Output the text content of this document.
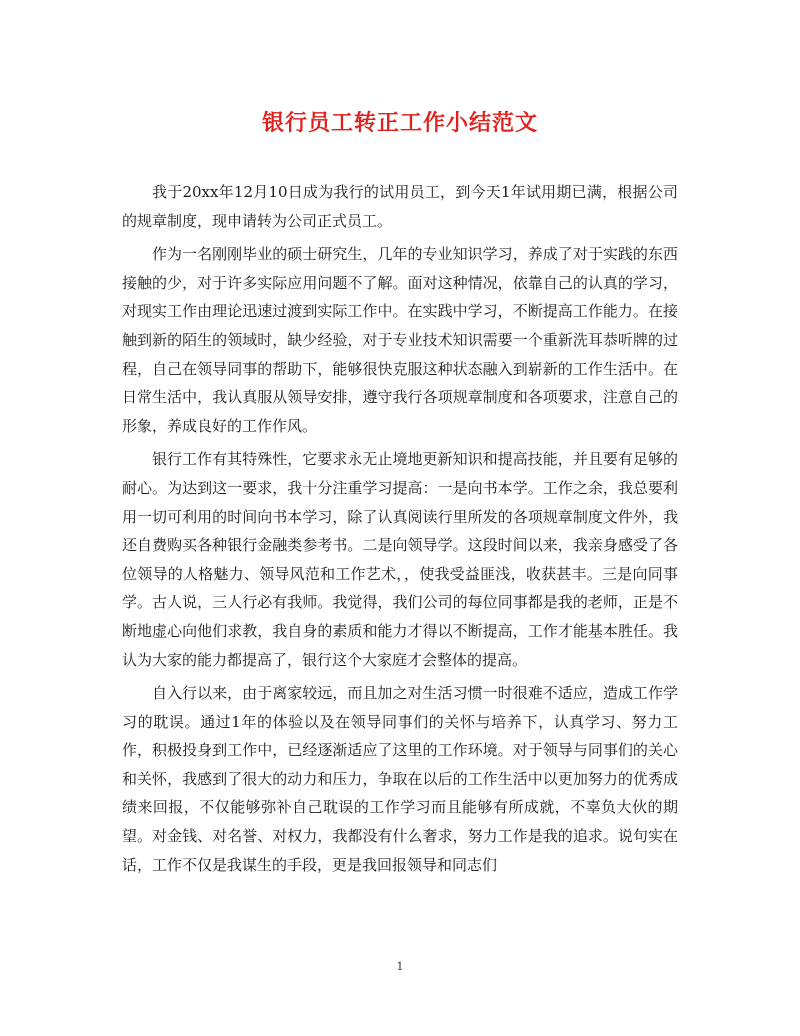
银行员工转正工作小结范文

我于20xx年12月10日成为我行的试用员工，到今天1年试用期已满，根据公司的规章制度，现申请转为公司正式员工。

作为一名刚刚毕业的硕士研究生，几年的专业知识学习，养成了对于实践的东西接触的少，对于许多实际应用问题不了解。面对这种情况，依靠自己的认真的学习，对现实工作由理论迅速过渡到实际工作中。在实践中学习，不断提高工作能力。在接触到新的陌生的领域时，缺少经验，对于专业技术知识需要一个重新洗耳恭听牌的过程，自己在领导同事的帮助下，能够很快克服这种状态融入到崭新的工作生活中。在日常生活中，我认真服从领导安排，遵守我行各项规章制度和各项要求，注意自己的形象，养成良好的工作作风。

银行工作有其特殊性，它要求永无止境地更新知识和提高技能，并且要有足够的耐心。为达到这一要求，我十分注重学习提高：一是向书本学。工作之余，我总要利用一切可利用的时间向书本学习，除了认真阅读行里所发的各项规章制度文件外，我还自费购买各种银行金融类参考书。二是向领导学。这段时间以来，我亲身感受了各位领导的人格魅力、领导风范和工作艺术，，使我受益匪浅，收获甚丰。三是向同事学。古人说，三人行必有我师。我觉得，我们公司的每位同事都是我的老师，正是不断地虚心向他们求教，我自身的素质和能力才得以不断提高，工作才能基本胜任。我认为大家的能力都提高了，银行这个大家庭才会整体的提高。

自入行以来，由于离家较远，而且加之对生活习惯一时很难不适应，造成工作学习的耽误。通过1年的体验以及在领导同事们的关怀与培养下，认真学习、努力工作，积极投身到工作中，已经逐渐适应了这里的工作环境。对于领导与同事们的关心和关怀，我感到了很大的动力和压力，争取在以后的工作生活中以更加努力的优秀成绩来回报，不仅能够弥补自己耽误的工作学习而且能够有所成就，不辜负大伙的期望。对金钱、对名誉、对权力，我都没有什么奢求，努力工作是我的追求。说句实在话，工作不仅是我谋生的手段，更是我回报领导和同志们

1
